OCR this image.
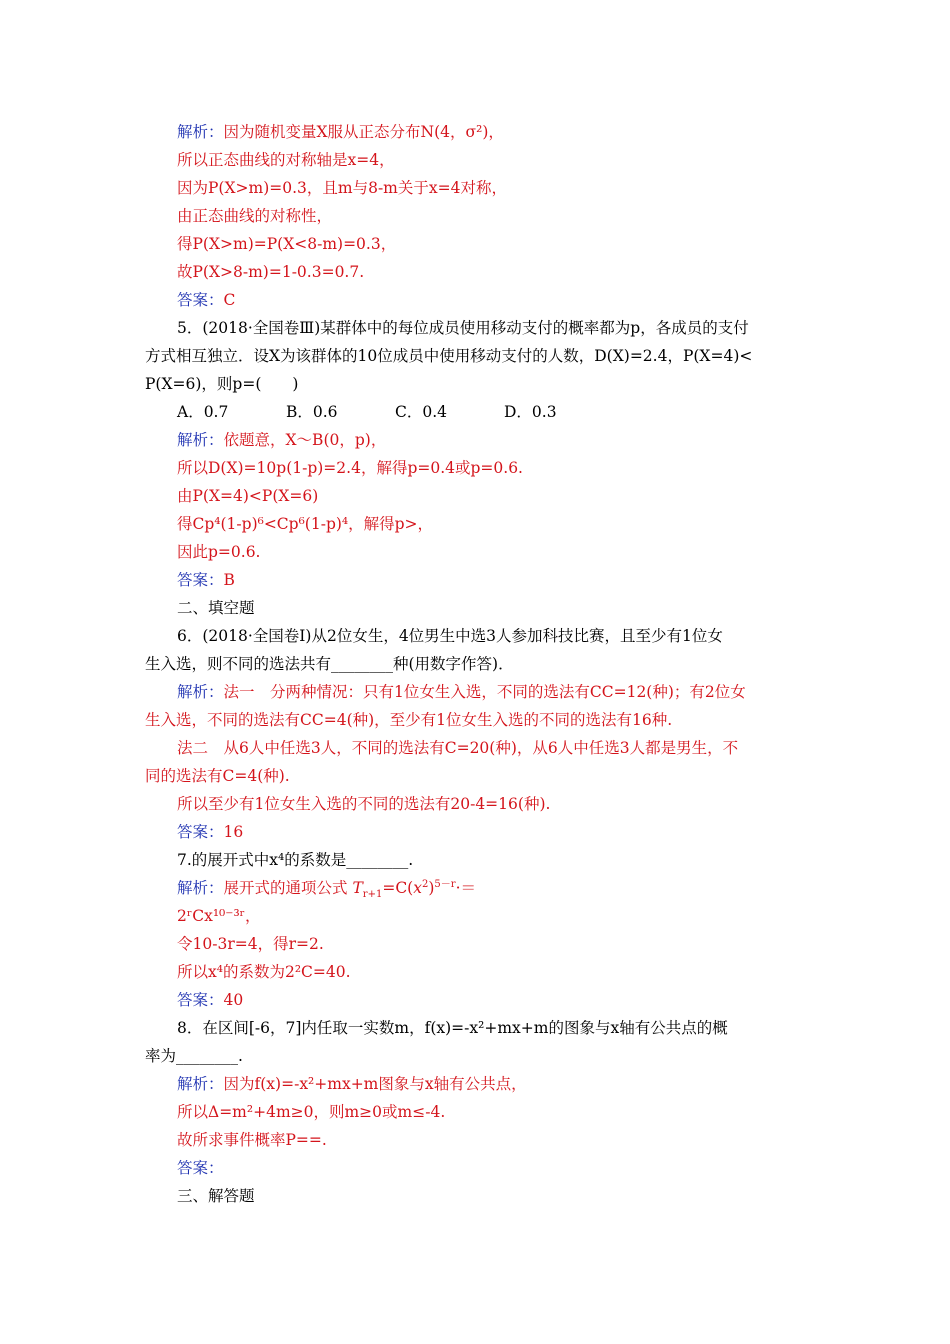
解析：因为随机变量X服从正态分布N(4，σ²)，
所以正态曲线的对称轴是x=4，
因为P(X>m)=0.3，且m与8-m关于x=4对称，
由正态曲线的对称性，
得P(X>m)=P(X<8-m)=0.3，
故P(X>8-m)=1-0.3=0.7.
答案：C
5．(2018·全国卷Ⅲ)某群体中的每位成员使用移动支付的概率都为p，各成员的支付
方式相互独立．设X为该群体的10位成员中使用移动支付的人数，D(X)=2.4，P(X=4)<
P(X=6)，则p=(　　)
A．0.7	B．0.6	C．0.4	D．0.3
解析：依题意，X～B(0，p)，
所以D(X)=10p(1-p)=2.4，解得p=0.4或p=0.6.
由P(X=4)<P(X=6)
得Cp⁴(1-p)⁶<Cp⁶(1-p)⁴，解得p>，
因此p=0.6.
答案：B
二、填空题
6．(2018·全国卷Ⅰ)从2位女生，4位男生中选3人参加科技比赛，且至少有1位女
生入选，则不同的选法共有________种(用数字作答)．
解析：法一　分两种情况：只有1位女生入选，不同的选法有CC=12(种)；有2位女
生入选，不同的选法有CC=4(种)，至少有1位女生入选的不同的选法有16种.
法二　从6人中任选3人，不同的选法有C=20(种)，从6人中任选3人都是男生，不
同的选法有C=4(种).
所以至少有1位女生入选的不同的选法有20-4=16(种).
答案：16
7.的展开式中x⁴的系数是________.
解析：展开式的通项公式 $T_{r+1}=C(x^2)^{5-r}\cdot=$
2ʳCx¹⁰⁻³ʳ，
令10-3r=4，得r=2.
所以x⁴的系数为2²C=40.
答案：40
8．在区间[-6，7]内任取一实数m，f(x)=-x²+mx+m的图象与x轴有公共点的概
率为________.
解析：因为f(x)=-x²+mx+m图象与x轴有公共点，
所以Δ=m²+4m≥0，则m≥0或m≤-4.
故所求事件概率P==.
答案：
三、解答题
